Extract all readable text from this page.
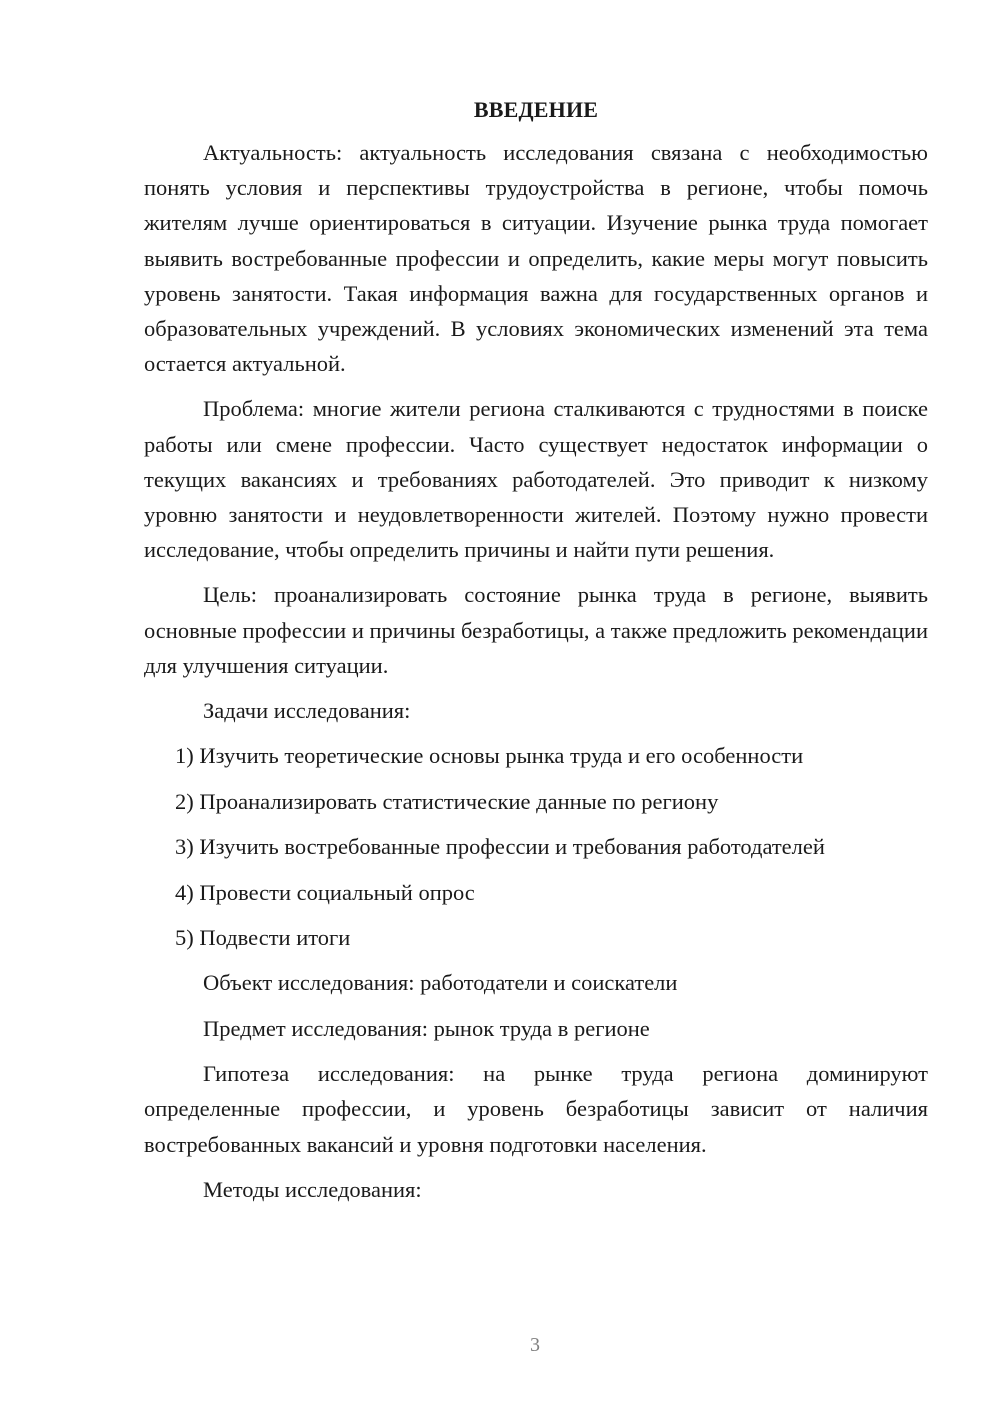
ВВЕДЕНИЕ

Актуальность: актуальность исследования связана с необходимостью понять условия и перспективы трудоустройства в регионе, чтобы помочь жителям лучше ориентироваться в ситуации. Изучение рынка труда помогает выявить востребованные профессии и определить, какие меры могут повысить уровень занятости. Такая информация важна для государственных органов и образовательных учреждений. В условиях экономических изменений эта тема остается актуальной.

Проблема: многие жители региона сталкиваются с трудностями в поиске работы или смене профессии. Часто существует недостаток информации о текущих вакансиях и требованиях работодателей. Это приводит к низкому уровню занятости и неудовлетворенности жителей. Поэтому нужно провести исследование, чтобы определить причины и найти пути решения.

Цель: проанализировать состояние рынка труда в регионе, выявить основные профессии и причины безработицы, а также предложить рекомендации для улучшения ситуации.

Задачи исследования:

1) Изучить теоретические основы рынка труда и его особенности
2) Проанализировать статистические данные по региону
3) Изучить востребованные профессии и требования работодателей
4) Провести социальный опрос
5) Подвести итоги

Объект исследования: работодатели и соискатели

Предмет исследования: рынок труда в регионе

Гипотеза исследования: на рынке труда региона доминируют определенные профессии, и уровень безработицы зависит от наличия востребованных вакансий и уровня подготовки населения.

Методы исследования:

3
